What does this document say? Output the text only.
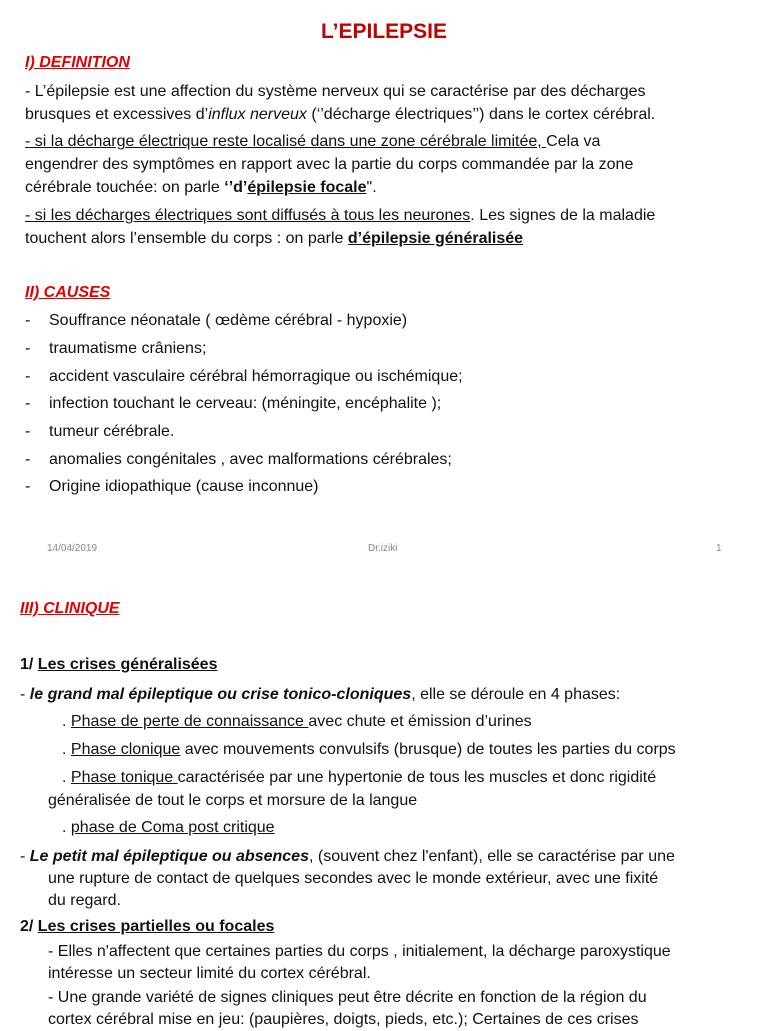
L’EPILEPSIE
I) DEFINITION
- L’épilepsie est une affection du système nerveux qui se caractérise par des décharges
brusques et excessives d’influx nerveux (‘’décharge électriques’’) dans le cortex cérébral.
- si la décharge électrique reste localisé dans une zone cérébrale limitée, Cela va
engendrer des symptômes en rapport avec la partie du corps commandée par la zone
cérébrale touchée: on parle ‘’d’épilepsie focale".
- si les décharges électriques sont diffusés à tous les neurones. Les signes de la maladie
touchent alors l’ensemble du corps : on parle d’épilepsie généralisée
II) CAUSES
- Souffrance néonatale ( œdème cérébral - hypoxie)
- traumatisme crâniens;
- accident vasculaire cérébral hémorragique ou ischémique;
- infection touchant le cerveau: (méningite, encéphalite );
- tumeur cérébrale.
- anomalies congénitales , avec malformations cérébrales;
- Origine idiopathique (cause inconnue)
14/04/2019	Dr.iziki	1
III) CLINIQUE
1/ Les crises généralisées
- le grand mal épileptique ou crise tonico-cloniques, elle se déroule en 4 phases:
. Phase de perte de connaissance avec chute et émission d’urines
. Phase clonique avec mouvements convulsifs (brusque) de toutes les parties du corps
. Phase tonique caractérisée par une hypertonie de tous les muscles et donc rigidité
généralisée de tout le corps et morsure de la langue
. phase de Coma post critique
- Le petit mal épileptique ou absences, (souvent chez l'enfant), elle se caractérise par une
une rupture de contact de quelques secondes avec le monde extérieur, avec une fixité
du regard.
2/ Les crises partielles ou focales
- Elles n'affectent que certaines parties du corps , initialement, la décharge paroxystique
intéresse un secteur limité du cortex cérébral.
- Une grande variété de signes cliniques peut être décrite en fonction de la région du
cortex cérébral mise en jeu: (paupières, doigts, pieds, etc.); Certaines de ces crises
